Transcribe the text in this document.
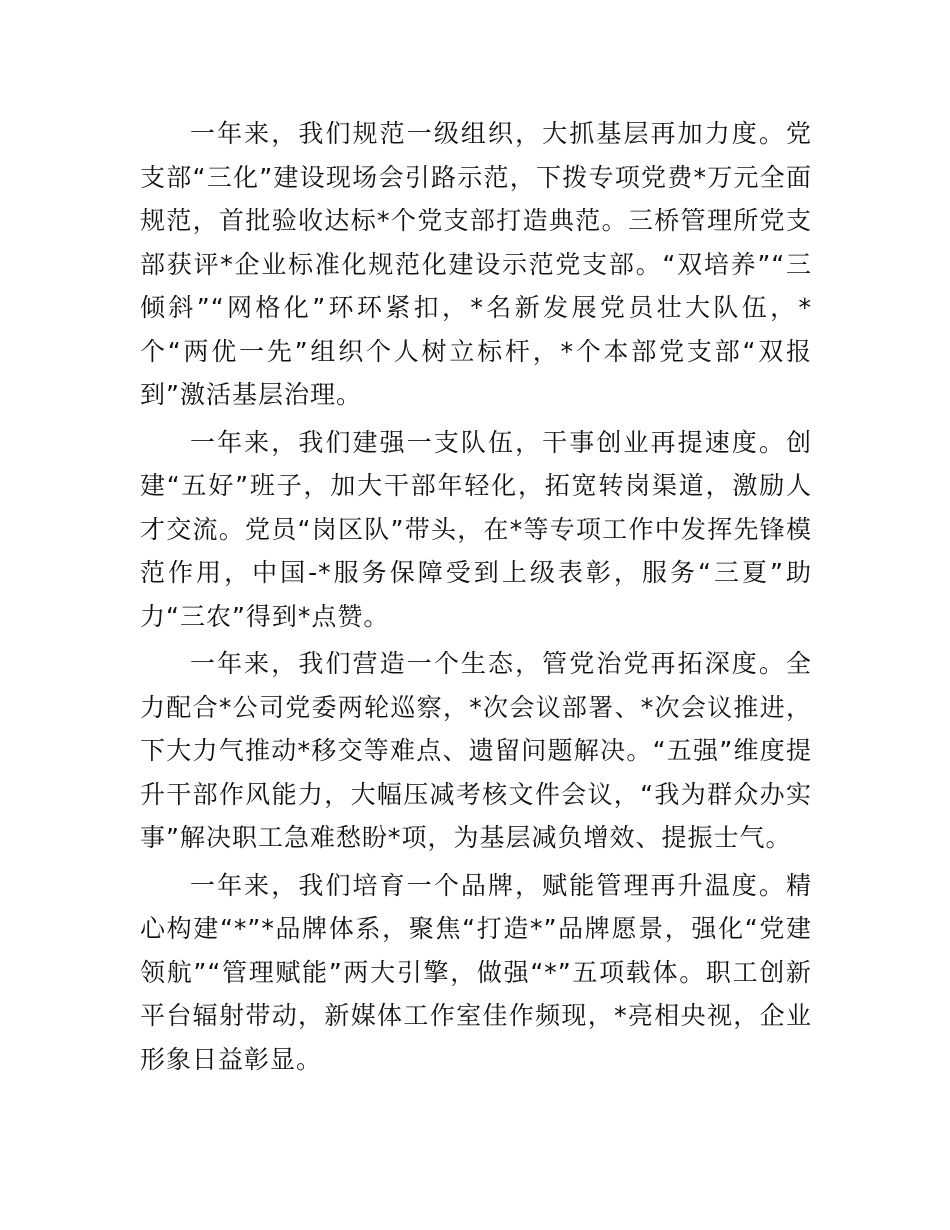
一年来，我们规范一级组织，大抓基层再加力度。党支部“三化”建设现场会引路示范，下拨专项党费*万元全面规范，首批验收达标*个党支部打造典范。三桥管理所党支部获评*企业标准化规范化建设示范党支部。“双培养”“三倾斜”“网格化”环环紧扣，*名新发展党员壮大队伍，*个“两优一先”组织个人树立标杆，*个本部党支部“双报到”激活基层治理。

一年来，我们建强一支队伍，干事创业再提速度。创建“五好”班子，加大干部年轻化，拓宽转岗渠道，激励人才交流。党员“岗区队”带头，在*等专项工作中发挥先锋模范作用，中国-*服务保障受到上级表彰，服务“三夏”助力“三农”得到*点赞。

一年来，我们营造一个生态，管党治党再拓深度。全力配合*公司党委两轮巡察，*次会议部署、*次会议推进，下大力气推动*移交等难点、遗留问题解决。“五强”维度提升干部作风能力，大幅压减考核文件会议，“我为群众办实事”解决职工急难愁盼*项，为基层减负增效、提振士气。

一年来，我们培育一个品牌，赋能管理再升温度。精心构建“*”*品牌体系，聚焦“打造*”品牌愿景，强化“党建领航”“管理赋能”两大引擎，做强“*”五项载体。职工创新平台辐射带动，新媒体工作室佳作频现，*亮相央视，企业形象日益彰显。
